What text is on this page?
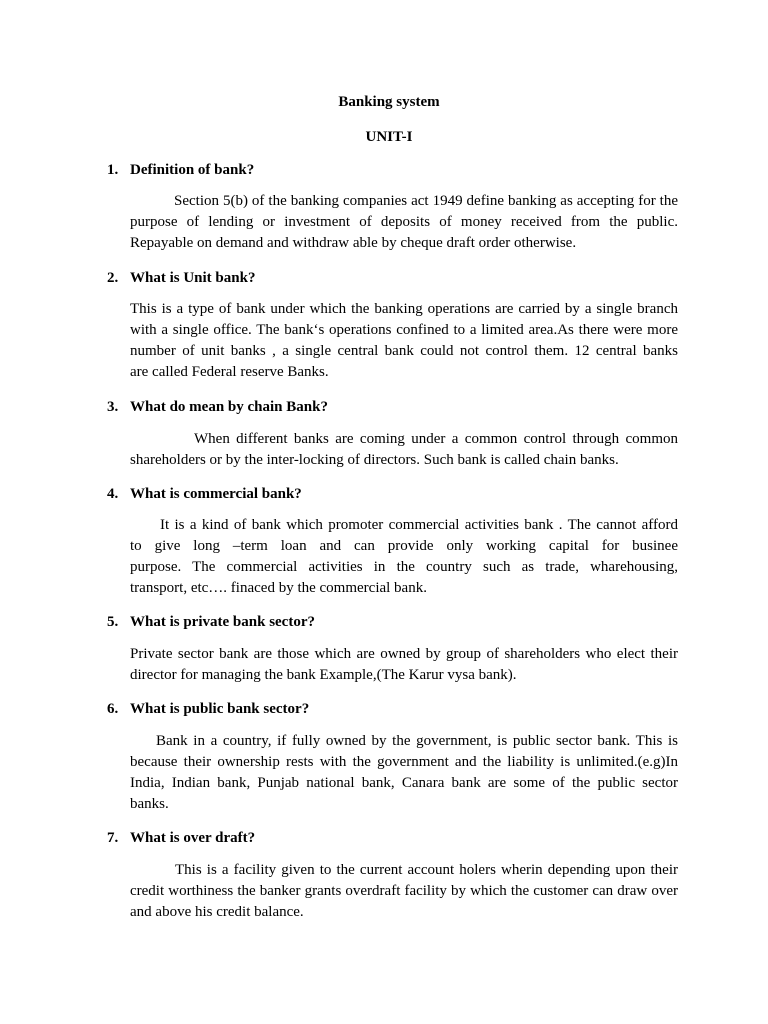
Banking system
UNIT-I
1. Definition of bank?
Section 5(b) of the banking companies act 1949 define banking as accepting for the
purpose of lending or investment of deposits of money received from the public.
Repayable on demand and withdraw able by cheque draft order otherwise.
2. What is Unit bank?
This is a type of bank under which the banking operations are carried by a single branch
with a single office. The bank‘s operations confined to a limited area.As there were more
number of unit banks , a single central bank could not control them. 12 central banks
are called Federal reserve Banks.
3. What do mean by chain Bank?
When different banks are coming under a common control through common
shareholders or by the inter-locking of directors. Such bank is called chain banks.
4. What is commercial bank?
It is a kind of bank which promoter commercial activities bank . The cannot afford
to give long –term loan and can provide only working capital for businee
purpose. The commercial activities in the country such as trade, wharehousing,
transport, etc…. finaced by the commercial bank.
5. What is private bank sector?
Private sector bank are those which are owned by group of shareholders who elect their
director for managing the bank Example,(The Karur vysa bank).
6. What is public bank sector?
Bank in a country, if fully owned by the government, is public sector bank. This is
because their ownership rests with the government and the liability is unlimited.(e.g)In
India, Indian bank, Punjab national bank, Canara bank are some of the public sector
banks.
7. What is over draft?
This is a facility given to the current account holers wherin depending upon their
credit worthiness the banker grants overdraft facility by which the customer can draw over
and above his credit balance.
